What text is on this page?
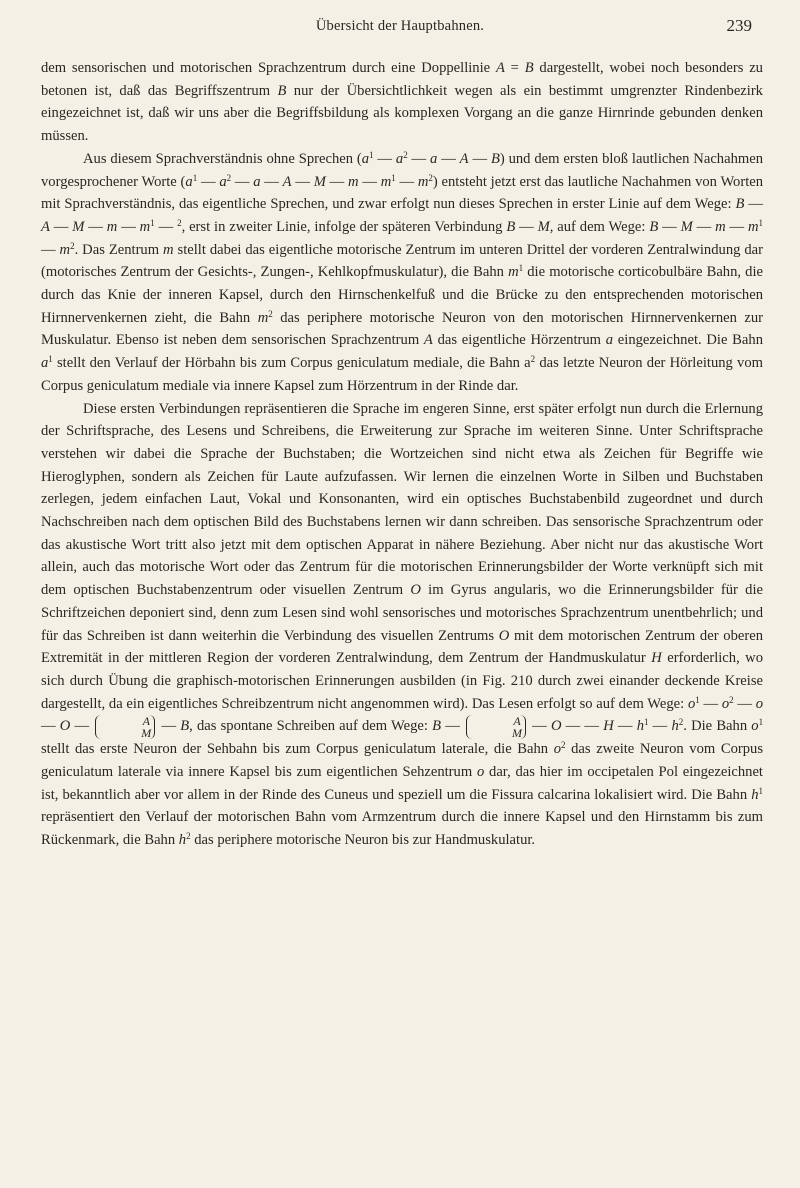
Übersicht der Hauptbahnen.	239

dem sensorischen und motorischen Sprachzentrum durch eine Doppellinie A = B dargestellt, wobei noch besonders zu betonen ist, daß das Begriffszentrum B nur der Übersichtlichkeit wegen als ein bestimmt umgrenzter Rindenbezirk eingezeichnet ist, daß wir uns aber die Begriffsbildung als komplexen Vorgang an die ganze Hirnrinde gebunden denken müssen.

Aus diesem Sprachverständnis ohne Sprechen ($a^1$ — $a^2$ — a — A — B) und dem ersten bloß lautlichen Nachahmen vorgesprochener Worte ($a^1$ — $a^2$ — a — A — M — m — $m^1$ — $m^2$) entsteht jetzt erst das lautliche Nachahmen von Worten mit Sprachverständnis, das eigentliche Sprechen, und zwar erfolgt nun dieses Sprechen in erster Linie auf dem Wege: B — A — M — m — $m^1$ — $^2$, erst in zweiter Linie, infolge der späteren Verbindung B — M, auf dem Wege: B — M — m — $m^1$ — $m^2$. Das Zentrum m stellt dabei das eigentliche motorische Zentrum im unteren Drittel der vorderen Zentralwindung dar (motorisches Zentrum der Gesichts-, Zungen-, Kehlkopfmuskulatur), die Bahn $m^1$ die motorische corticobulbäre Bahn, die durch das Knie der inneren Kapsel, durch den Hirnschenkelfuß und die Brücke zu den entsprechenden motorischen Hirnnervenkernen zieht, die Bahn $m^2$ das periphere motorische Neuron von den motorischen Hirnnervenkernen zur Muskulatur. Ebenso ist neben dem sensorischen Sprachzentrum A das eigentliche Hörzentrum a eingezeichnet. Die Bahn $a^1$ stellt den Verlauf der Hörbahn bis zum Corpus geniculatum mediale, die Bahn $a^2$ das letzte Neuron der Hörleitung vom Corpus geniculatum mediale via innere Kapsel zum Hörzentrum in der Rinde dar.

Diese ersten Verbindungen repräsentieren die Sprache im engeren Sinne, erst später erfolgt nun durch die Erlernung der Schriftsprache, des Lesens und Schreibens, die Erweiterung zur Sprache im weiteren Sinne. Unter Schriftsprache verstehen wir dabei die Sprache der Buchstaben; die Wortzeichen sind nicht etwa als Zeichen für Begriffe wie Hieroglyphen, sondern als Zeichen für Laute aufzufassen. Wir lernen die einzelnen Worte in Silben und Buchstaben zerlegen, jedem einfachen Laut, Vokal und Konsonanten, wird ein optisches Buchstabenbild zugeordnet und durch Nachschreiben nach dem optischen Bild des Buchstabens lernen wir dann schreiben. Das sensorische Sprachzentrum oder das akustische Wort tritt also jetzt mit dem optischen Apparat in nähere Beziehung. Aber nicht nur das akustische Wort allein, auch das motorische Wort oder das Zentrum für die motorischen Erinnerungsbilder der Worte verknüpft sich mit dem optischen Buchstabenzentrum oder visuellen Zentrum O im Gyrus angularis, wo die Erinnerungsbilder für die Schriftzeichen deponiert sind, denn zum Lesen sind wohl sensorisches und motorisches Sprachzentrum unentbehrlich; und für das Schreiben ist dann weiterhin die Verbindung des visuellen Zentrums O mit dem motorischen Zentrum der oberen Extremität in der mittleren Region der vorderen Zentralwindung, dem Zentrum der Handmuskulatur H erforderlich, wo sich durch Übung die graphisch-motorischen Erinnerungen ausbilden (in Fig. 210 durch zwei einander deckende Kreise dargestellt, da ein eigentliches Schreibzentrum nicht angenommen wird). Das Lesen erfolgt so auf dem Wege: $o^1$ — $o^2$ — o — O —	A
M — B, das spontane Schreiben auf dem Wege: B —	A
M — O — — H — $h^1$ — $h^2$. Die Bahn $o^1$ stellt das erste Neuron der Sehbahn bis zum Corpus geniculatum laterale, die Bahn $o^2$ das zweite Neuron vom Corpus geniculatum laterale via innere Kapsel bis zum eigentlichen Sehzentrum o dar, das hier im occipetalen Pol eingezeichnet ist, bekanntlich aber vor allem in der Rinde des Cuneus und speziell um die Fissura calcarina lokalisiert wird. Die Bahn $h^1$ repräsentiert den Verlauf der motorischen Bahn vom Armzentrum durch die innere Kapsel und den Hirnstamm bis zum Rückenmark, die Bahn $h^2$ das periphere motorische Neuron bis zur Handmuskulatur.
